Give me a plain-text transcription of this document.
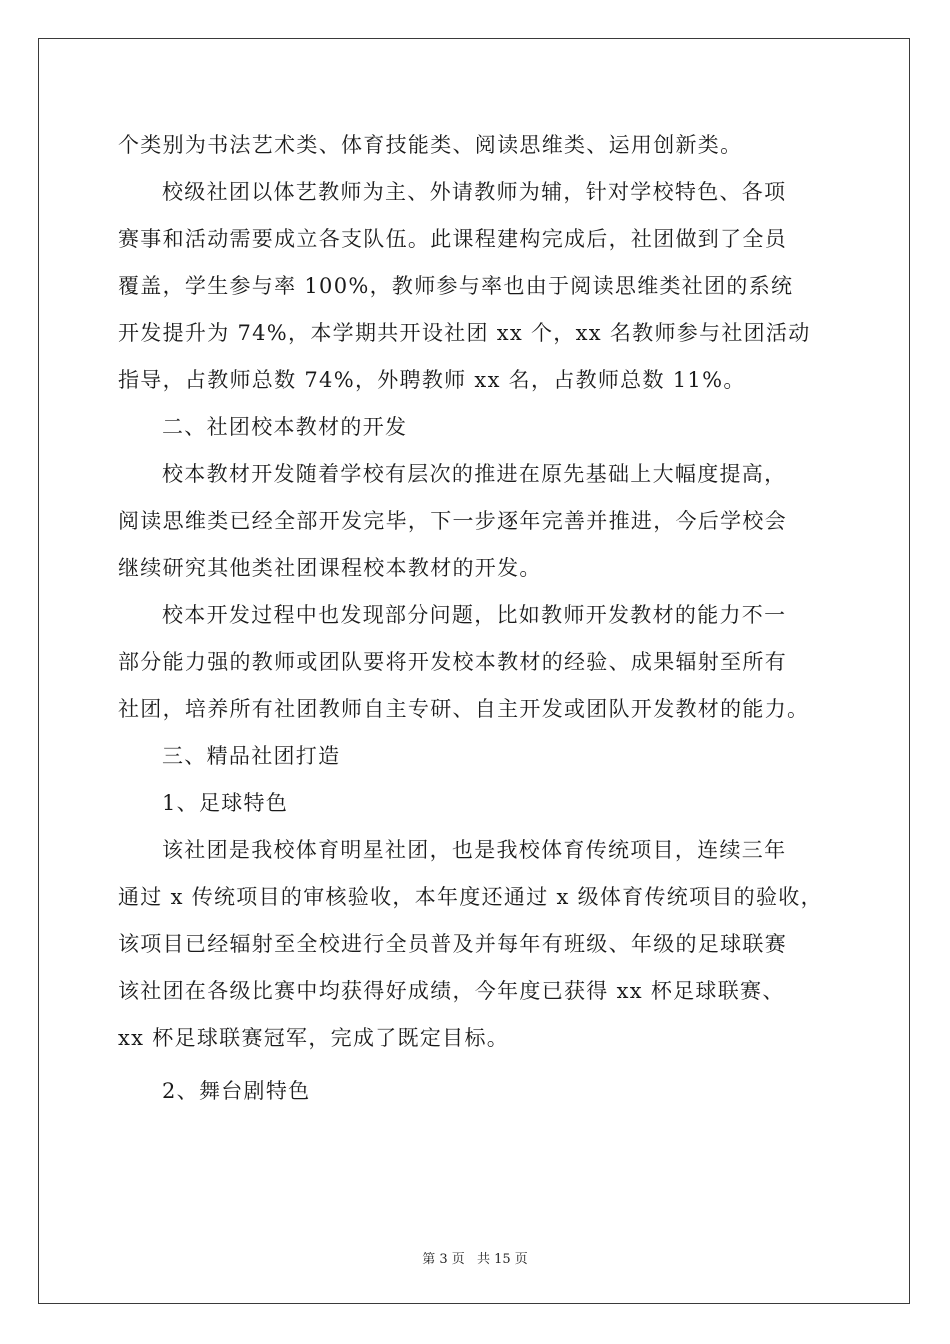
个类别为书法艺术类、体育技能类、阅读思维类、运用创新类。
校级社团以体艺教师为主、外请教师为辅，针对学校特色、各项
赛事和活动需要成立各支队伍。此课程建构完成后，社团做到了全员
覆盖，学生参与率 100%，教师参与率也由于阅读思维类社团的系统
开发提升为 74%，本学期共开设社团 xx 个，xx 名教师参与社团活动
指导，占教师总数 74%，外聘教师 xx 名，占教师总数 11%。
二、社团校本教材的开发
校本教材开发随着学校有层次的推进在原先基础上大幅度提高，
阅读思维类已经全部开发完毕，下一步逐年完善并推进，今后学校会
继续研究其他类社团课程校本教材的开发。
校本开发过程中也发现部分问题，比如教师开发教材的能力不一
部分能力强的教师或团队要将开发校本教材的经验、成果辐射至所有
社团，培养所有社团教师自主专研、自主开发或团队开发教材的能力。
三、精品社团打造
1、足球特色
该社团是我校体育明星社团，也是我校体育传统项目，连续三年
通过 x 传统项目的审核验收，本年度还通过 x 级体育传统项目的验收，
该项目已经辐射至全校进行全员普及并每年有班级、年级的足球联赛
该社团在各级比赛中均获得好成绩，今年度已获得 xx 杯足球联赛、
xx 杯足球联赛冠军，完成了既定目标。
2、舞台剧特色
第 3 页 共 15 页
